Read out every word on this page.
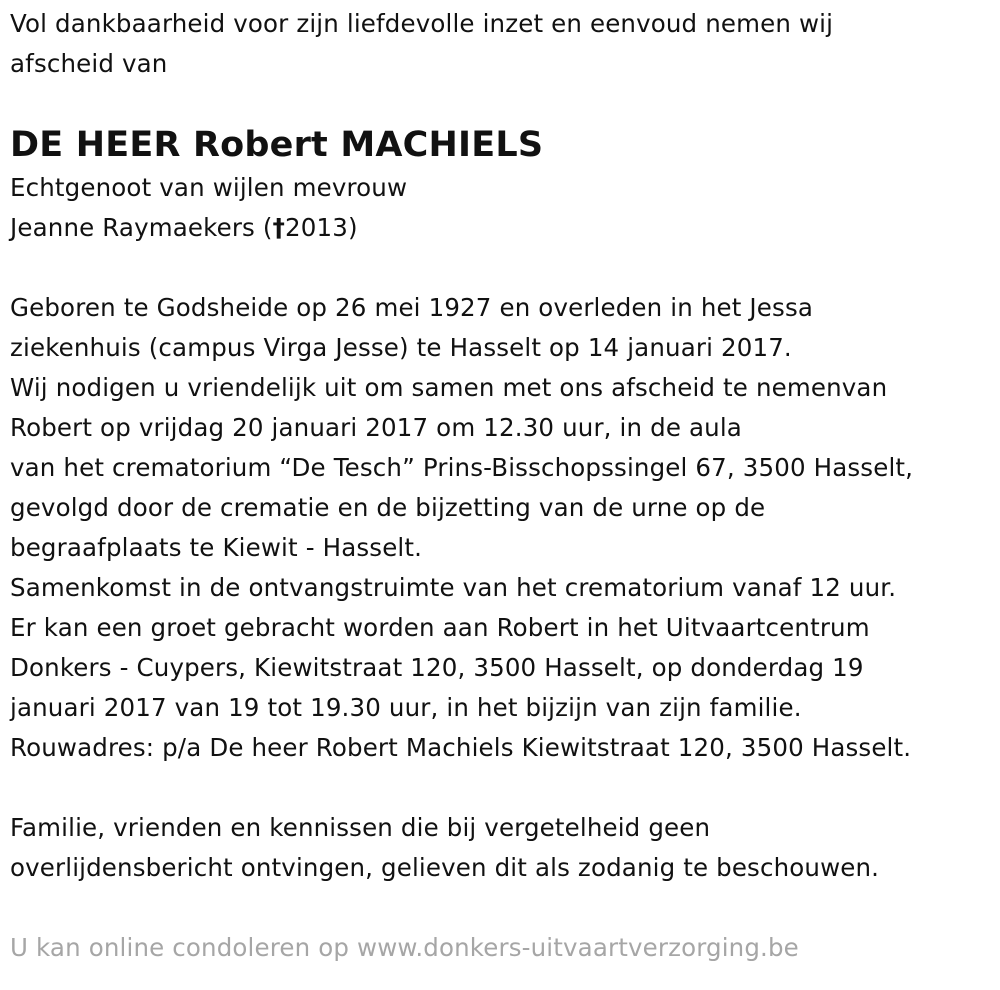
Vol dankbaarheid voor zijn liefdevolle inzet en eenvoud nemen wij
afscheid van
DE HEER Robert MACHIELS
Echtgenoot van wijlen mevrouw
Jeanne Raymaekers (†2013)
Geboren te Godsheide op 26 mei 1927 en overleden in het Jessa
ziekenhuis (campus Virga Jesse) te Hasselt op 14 januari 2017.
Wij nodigen u vriendelijk uit om samen met ons afscheid te nemenvan
Robert op vrijdag 20 januari 2017 om 12.30 uur, in de aula
van het crematorium “De Tesch” Prins-Bisschopssingel 67, 3500 Hasselt,
gevolgd door de crematie en de bijzetting van de urne op de
begraafplaats te Kiewit - Hasselt.
Samenkomst in de ontvangstruimte van het crematorium vanaf 12 uur.
Er kan een groet gebracht worden aan Robert in het Uitvaartcentrum
Donkers - Cuypers, Kiewitstraat 120, 3500 Hasselt, op donderdag 19
januari 2017 van 19 tot 19.30 uur, in het bijzijn van zijn familie.
Rouwadres: p/a De heer Robert Machiels Kiewitstraat 120, 3500 Hasselt.
Familie, vrienden en kennissen die bij vergetelheid geen
overlijdensbericht ontvingen, gelieven dit als zodanig te beschouwen.
U kan online condoleren op www.donkers-uitvaartverzorging.be
